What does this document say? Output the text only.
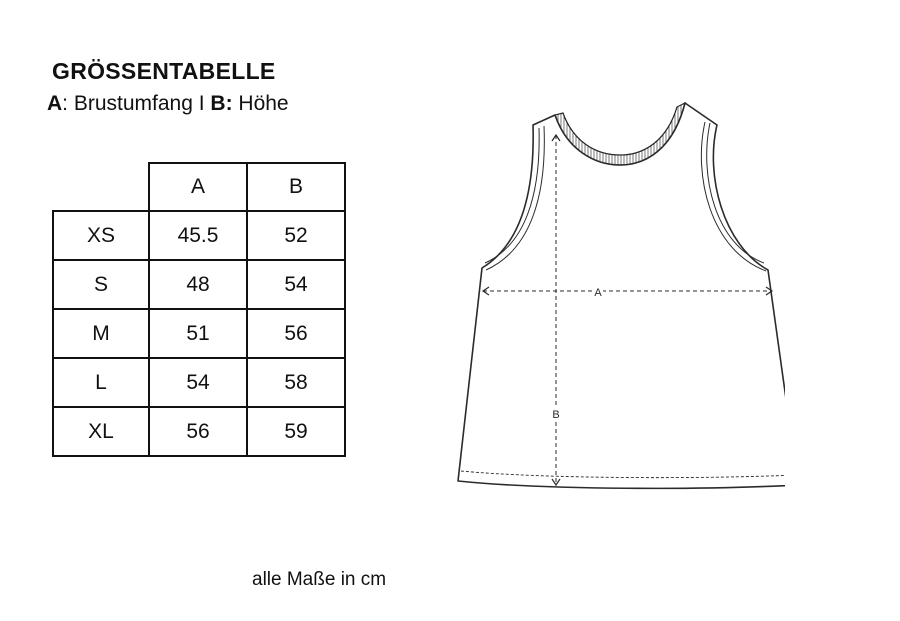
GRÖSSENTABELLE
A: Brustumfang I B: Höhe
	A	B
XS	45.5	52
S	48	54
M	51	56
L	54	58
XL	56	59
A
B
alle Maße in cm
